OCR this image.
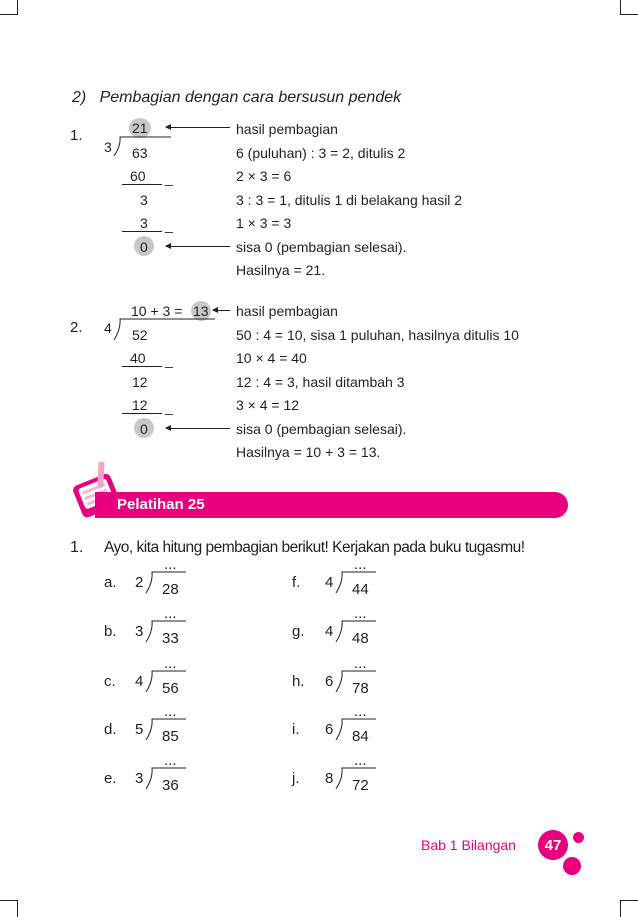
2)   Pembagian dengan cara bersusun pendek
1.	21
3 63
60 _
3
3 _
0
hasil pembagian
6 (puluhan) : 3 = 2, ditulis 2
2 × 3 = 6
3 : 3 = 1, ditulis 1 di belakang hasil 2
1 × 3 = 3
sisa 0 (pembagian selesai).
Hasilnya = 21.
2.
10 + 3 = 13
4 52
40 _
12
12 _
0
hasil pembagian
50 : 4 = 10, sisa 1 puluhan, hasilnya ditulis 10
10 × 4 = 40
12 : 4 = 3, hasil ditambah 3
3 × 4 = 12
sisa 0 (pembagian selesai).
Hasilnya = 10 + 3 = 13.
Pelatihan 25
1. Ayo, kita hitung pembagian berikut! Kerjakan pada buku tugasmu!
a. 2
...
28
b. 3
...
33
c. 4
...
56
d. 5
...
85
e. 3
...
36
f. 4
...
44
g. 4
...
48
h. 6
...
78
i. 6
...
84
j. 8
...
72
Bab 1 Bilangan	47
